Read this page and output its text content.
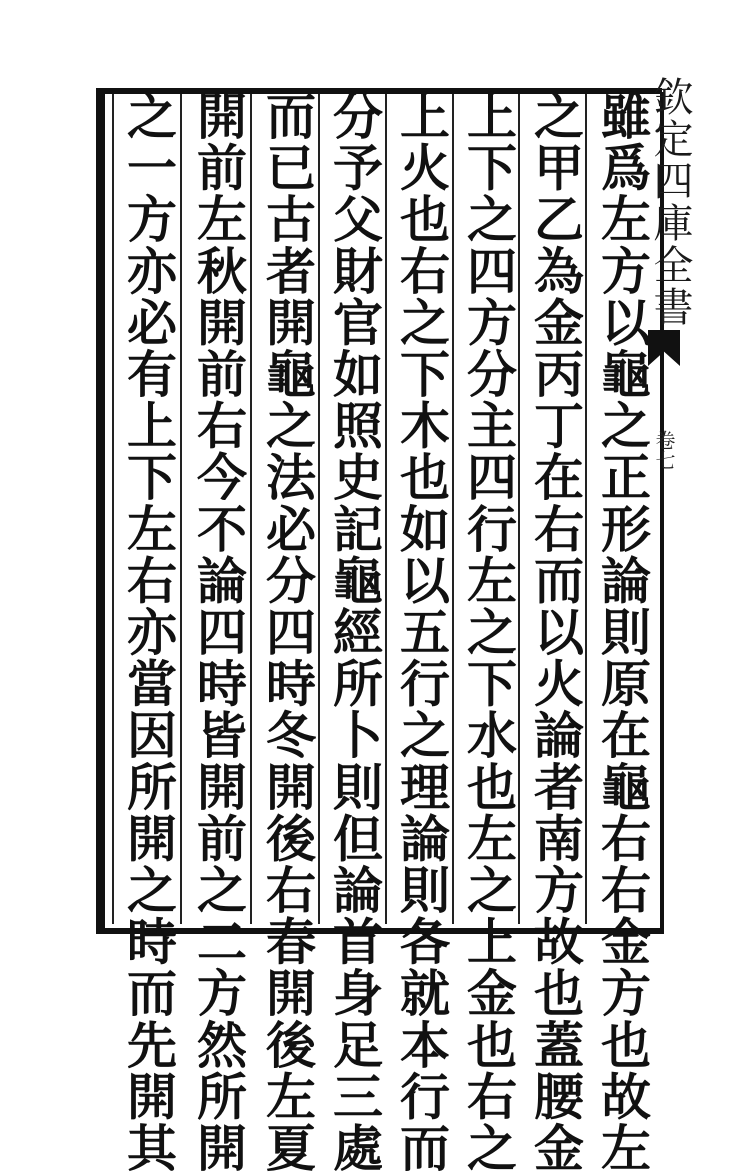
欽定四庫全書
卷七
雖爲左方以龜之正形論則原在龜右右金方也故左
之甲乙為金丙丁在右而以火論者南方故也蓋腰金
上下之四方分主四行左之下水也左之上金也右之
上火也右之下木也如以五行之理論則各就本行而
分予父財官如照史記龜經所卜則但論首身足三處
而已古者開龜之法必分四時冬開後右春開後左夏
開前左秋開前右今不論四時皆開前之二方然所開
之一方亦必有上下左右亦當因所開之時而先開其
